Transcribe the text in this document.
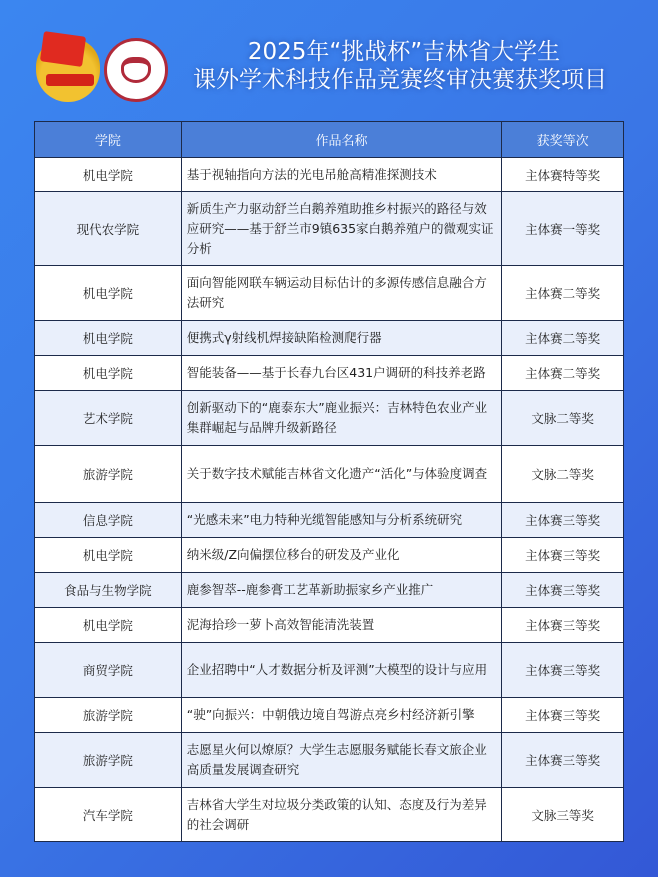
2025年“挑战杯”吉林省大学生
课外学术科技作品竞赛终审决赛获奖项目
学院	作品名称	获奖等次
机电学院	基于视轴指向方法的光电吊舱高精准探测技术	主体赛特等奖
现代农学院	新质生产力驱动舒兰白鹅养殖助推乡村振兴的路径与效应研究——基于舒兰市9镇635家白鹅养殖户的微观实证分析	主体赛一等奖
机电学院	面向智能网联车辆运动目标估计的多源传感信息融合方法研究	主体赛二等奖
机电学院	便携式γ射线机焊接缺陷检测爬行器	主体赛二等奖
机电学院	智能装备——基于长春九台区431户调研的科技养老路	主体赛二等奖
艺术学院	创新驱动下的“鹿泰东大”鹿业振兴：吉林特色农业产业集群崛起与品牌升级新路径	文脉二等奖
旅游学院	关于数字技术赋能吉林省文化遗产“活化”与体验度调查	文脉二等奖
信息学院	“光感未来”电力特种光缆智能感知与分析系统研究	主体赛三等奖
机电学院	纳米级/Z向偏摆位移台的研发及产业化	主体赛三等奖
食品与生物学院	鹿参智萃--鹿参膏工艺革新助振家乡产业推广	主体赛三等奖
机电学院	泥海拾珍一萝卜高效智能清洗装置	主体赛三等奖
商贸学院	企业招聘中“人才数据分析及评测”大模型的设计与应用	主体赛三等奖
旅游学院	“驶”向振兴：中朝俄边境自驾游点亮乡村经济新引擎	主体赛三等奖
旅游学院	志愿星火何以燎原？大学生志愿服务赋能长春文旅企业高质量发展调查研究	主体赛三等奖
汽车学院	吉林省大学生对垃圾分类政策的认知、态度及行为差异的社会调研	文脉三等奖
